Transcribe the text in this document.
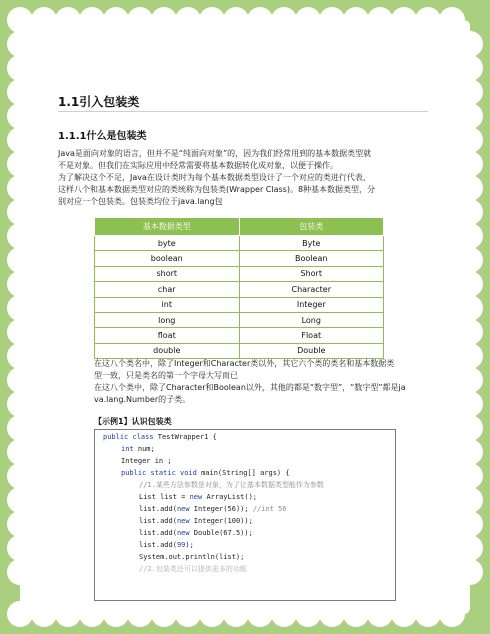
1.1引入包装类
1.1.1什么是包装类
Java是面向对象的语言，但并不是“纯面向对象”的，因为我们经常用到的基本数据类型就
不是对象。但我们在实际应用中经常需要将基本数据转化成对象，以便于操作。
为了解决这个不足，Java在设计类时为每个基本数据类型设计了一个对应的类进行代表，
这样八个和基本数据类型对应的类统称为包装类(Wrapper Class)。8种基本数据类型，分
别对应一个包装类。包装类均位于java.lang包
基本数据类型	包装类
byte	Byte
boolean	Boolean
short	Short
char	Character
int	Integer
long	Long
float	Float
double	Double
在这八个类名中，除了Integer和Character类以外，其它六个类的类名和基本数据类
型一致，只是类名的第一个字母大写而已
在这八个类中，除了Character和Boolean以外，其他的都是“数字型”，“数字型”都是ja
va.lang.Number的子类。
【示例1】认识包装类
public class TestWrapper1 {
int num;
Integer in ;
public static void main(String[] args) {
//1.某些方法参数是对象，为了让基本数据类型能作为参数
List list = new ArrayList();
list.add(new Integer(56)); //int 56
list.add(new Integer(100));
list.add(new Double(67.5));
list.add(99);
System.out.println(list);
//2.包装类还可以提供更多的功能
